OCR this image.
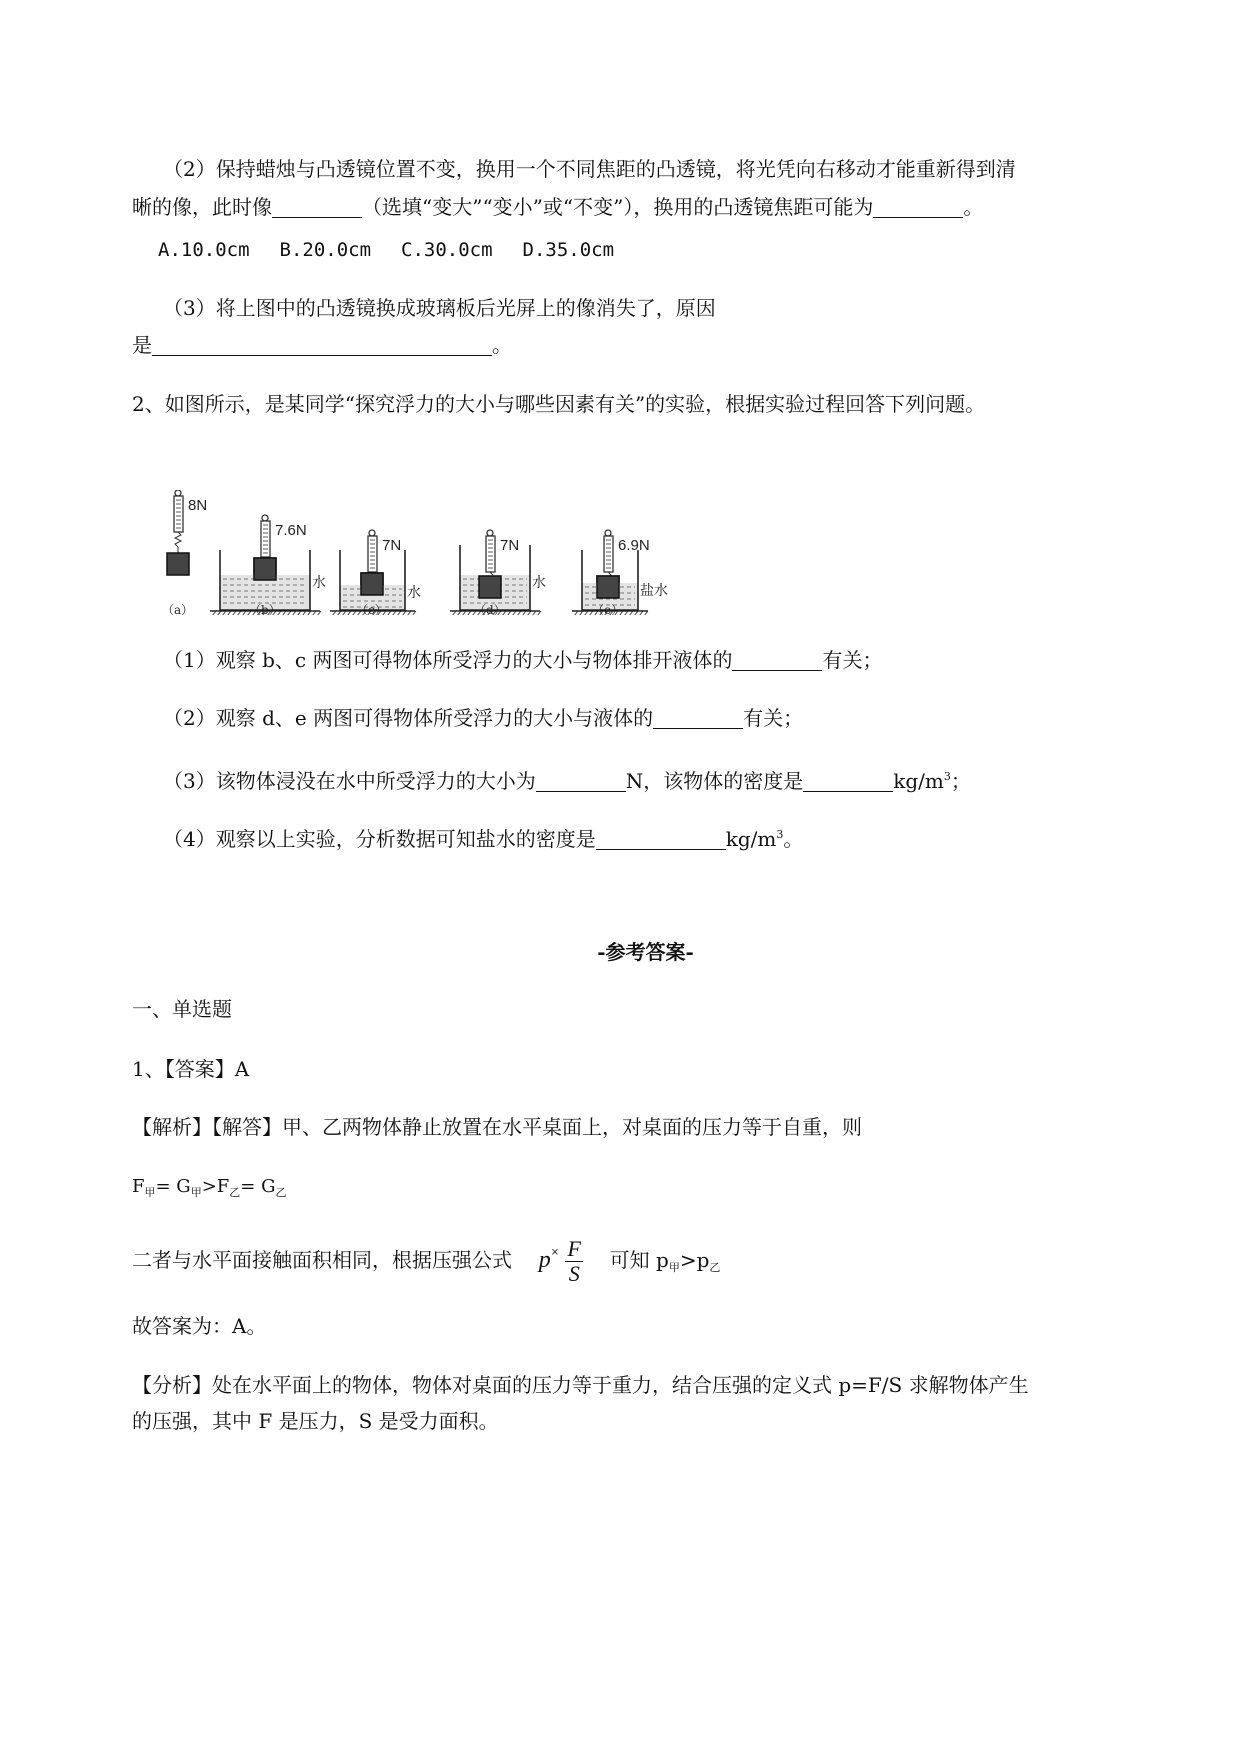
（2）保持蜡烛与凸透镜位置不变，换用一个不同焦距的凸透镜，将光凭向右移动才能重新得到清
晰的像，此时像	（选填“变大”“变小”或“不变”），换用的凸透镜焦距可能为	。
A.10.0cm B.20.0cm C.30.0cm D.35.0cm
（3）将上图中的凸透镜换成玻璃板后光屏上的像消失了，原因
是	。
2、如图所示，是某同学“探究浮力的大小与哪些因素有关”的实验，根据实验过程回答下列问题。
8N
（a）
7.6N
水
（b）
7N
水
（c）
7N
水
（d）
6.9N
盐水
（e）
（1）观察 b、c 两图可得物体所受浮力的大小与物体排开液体的	有关；
（2）观察 d、e 两图可得物体所受浮力的大小与液体的	有关；
（3）该物体浸没在水中所受浮力的大小为	N，该物体的密度是	$kg/m^3$；
（4）观察以上实验，分析数据可知盐水的密度是	$kg/m^3$。
-参考答案-
一、单选题
1、【答案】A
【解析】【解答】甲、乙两物体静止放置在水平桌面上，对桌面的压力等于自重，则
$F_甲= G_甲>F_乙= G_乙$
二者与水平面接触面积相同，根据压强公式 $p^\times \frac{F}{S}$ 可知 $p_甲>p_乙$
故答案为：A。
【分析】处在水平面上的物体，物体对桌面的压力等于重力，结合压强的定义式 p=F/S 求解物体产生
的压强，其中 F 是压力，S 是受力面积。
